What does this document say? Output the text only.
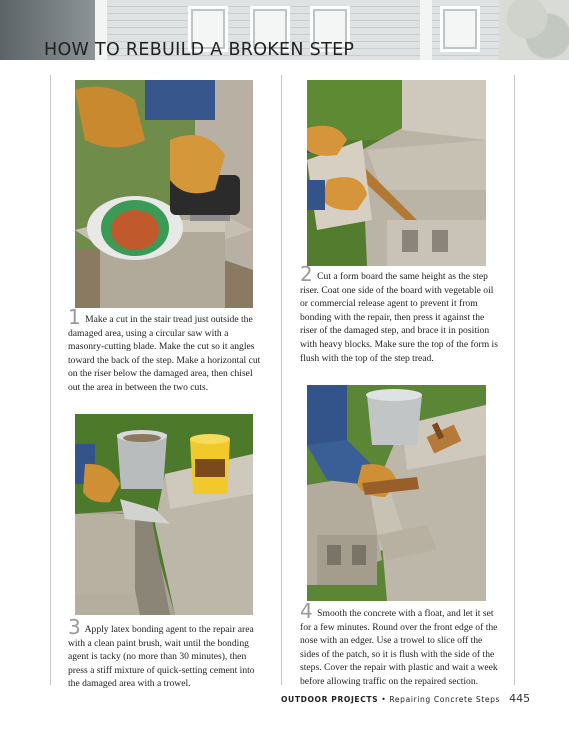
HOW TO REBUILD A BROKEN STEP

1 Make a cut in the stair tread just outside the damaged area, using a circular saw with a masonry-cutting blade. Make the cut so it angles toward the back of the step. Make a horizontal cut on the riser below the damaged area, then chisel out the area in between the two cuts.

2 Cut a form board the same height as the step riser. Coat one side of the board with vegetable oil or commercial release agent to prevent it from bonding with the repair, then press it against the riser of the damaged step, and brace it in position with heavy blocks. Make sure the top of the form is flush with the top of the step tread.

3 Apply latex bonding agent to the repair area with a clean paint brush, wait until the bonding agent is tacky (no more than 30 minutes), then press a stiff mixture of quick-setting cement into the damaged area with a trowel.

4 Smooth the concrete with a float, and let it set for a few minutes. Round over the front edge of the nose with an edger. Use a trowel to slice off the sides of the patch, so it is flush with the side of the steps. Cover the repair with plastic and wait a week before allowing traffic on the repaired section.

OUTDOOR PROJECTS • Repairing Concrete Steps 445
